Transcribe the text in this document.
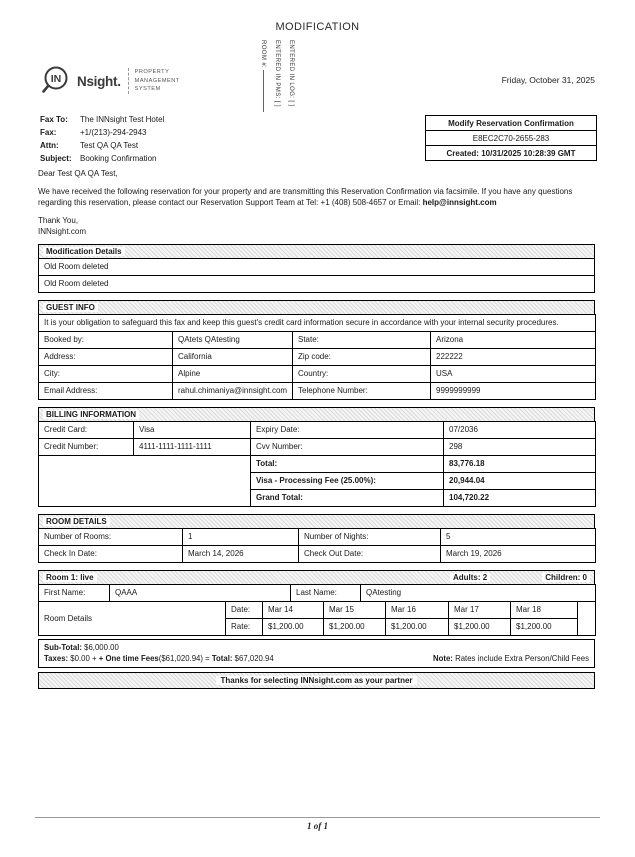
MODIFICATION
IN Nsight.
PROPERTY
MANAGEMENT
SYSTEM
ROOM #: ENTERED IN PMS: [ ] ENTERED IN LOG: [ ]	Friday, October 31, 2025
Fax To: The INNsight Test Hotel
Fax:	+1/(213)-294-2943
Attn:	Test QA QA Test
Subject: Booking Confirmation
Modify Reservation Confirmation
E8EC2C70-2655-283
Created: 10/31/2025 10:28:39 GMT

Dear Test QA QA Test,

We have received the following reservation for your property and are transmitting this Reservation Confirmation via facsimile. If you have any questions regarding this reservation, please contact our Reservation Support Team at Tel: +1 (408) 508-4657 or Email: help@innsight.com

Thank You,

INNsight.com

Modification Details
Old Room deleted
Old Room deleted
GUEST INFO
It is your obligation to safeguard this fax and keep this guest's credit card information secure in accordance with your internal security procedures.			
Booked by:	QAtets QAtesting	State:	Arizona
Address:	California	Zip code:	222222
City:	Alpine	Country:	USA
Email Address:	rahul.chimaniya@innsight.com	Telephone Number:	9999999999
BILLING INFORMATION
Credit Card:	Visa	Expiry Date:	07/2036
Credit Number:	4111-1111-1111-1111	Cvv Number:	298
		Total:	83,776.18
		Visa - Processing Fee (25.00%):	20,944.04
		Grand Total:	104,720.22
ROOM DETAILS
Number of Rooms:	1	Number of Nights:	5
Check In Date:	March 14, 2026	Check Out Date:	March 19, 2026
Room 1: live	Adults: 2	Children: 0
First Name:	QAAA	Last Name:	QAtesting
Room Details	Date:	Mar 14	Mar 15	Mar 16	Mar 17	Mar 18	
	Rate:	$1,200.00	$1,200.00	$1,200.00	$1,200.00	$1,200.00	
Sub-Total: $6,000.00
Taxes: $0.00 + + One time Fees($61,020.94) = Total: $67,020.94	Note: Rates include Extra Person/Child Fees
Thanks for selecting INNsight.com as your partner
1 of 1
